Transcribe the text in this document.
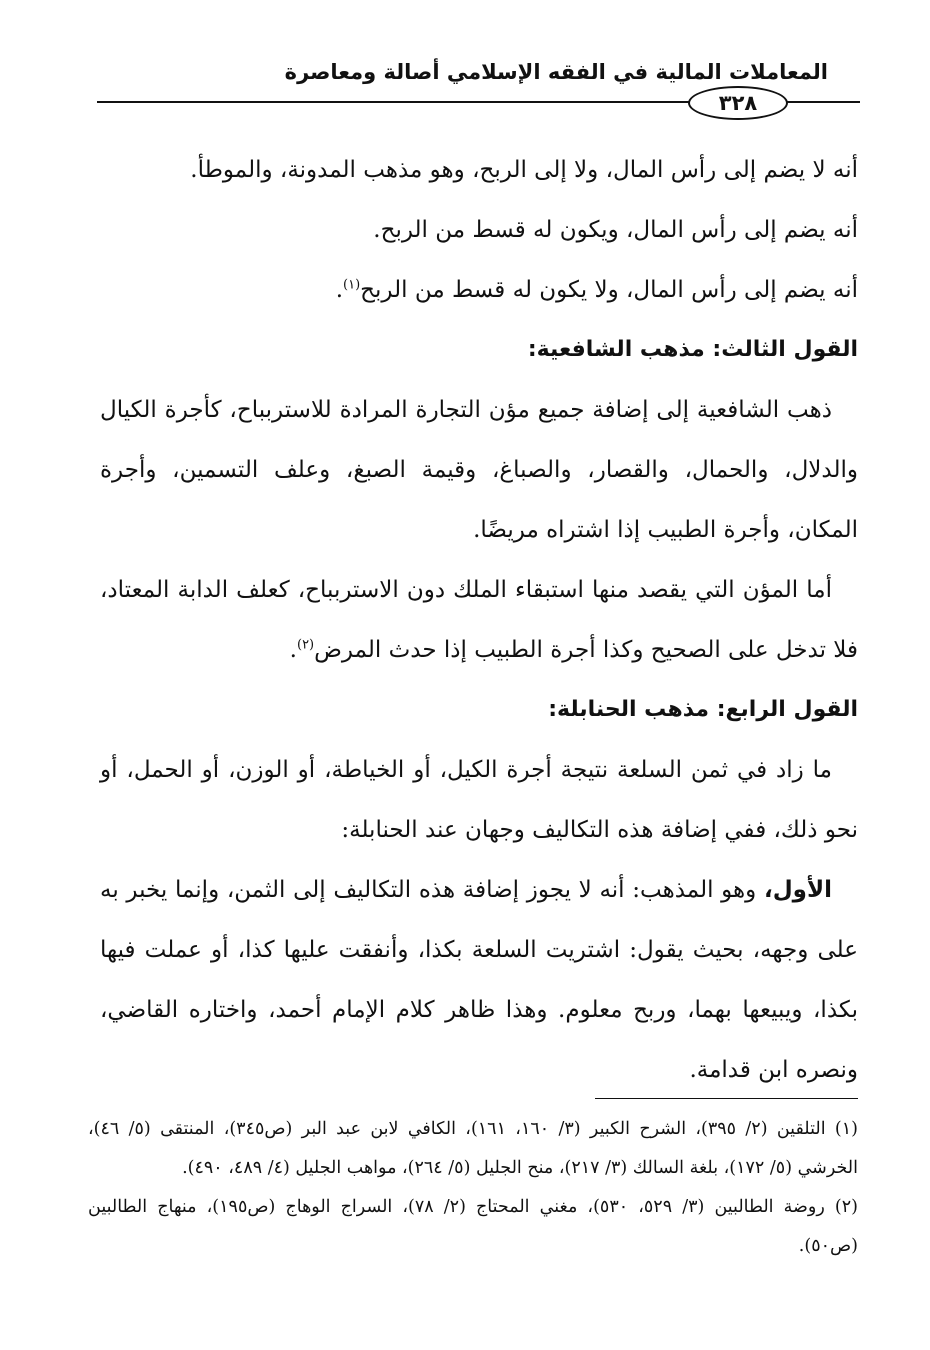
المعاملات المالية في الفقه الإسلامي أصالة ومعاصرة
٣٢٨

أنه لا يضم إلى رأس المال، ولا إلى الربح، وهو مذهب المدونة، والموطأ.

أنه يضم إلى رأس المال، ويكون له قسط من الربح.

أنه يضم إلى رأس المال، ولا يكون له قسط من الربح$^{(١)}$.

القول الثالث: مذهب الشافعية:

ذهب الشافعية إلى إضافة جميع مؤن التجارة المرادة للاستربباح، كأجرة الكيال والدلال، والحمال، والقصار، والصباغ، وقيمة الصبغ، وعلف التسمين، وأجرة المكان، وأجرة الطبيب إذا اشتراه مريضًا.

أما المؤن التي يقصد منها استبقاء الملك دون الاستربباح، كعلف الدابة المعتاد، فلا تدخل على الصحيح وكذا أجرة الطبيب إذا حدث المرض$^{(٢)}$.

القول الرابع: مذهب الحنابلة:

ما زاد في ثمن السلعة نتيجة أجرة الكيل، أو الخياطة، أو الوزن، أو الحمل، أو نحو ذلك، ففي إضافة هذه التكاليف وجهان عند الحنابلة:

الأول، وهو المذهب: أنه لا يجوز إضافة هذه التكاليف إلى الثمن، وإنما يخبر به على وجهه، بحيث يقول: اشتريت السلعة بكذا، وأنفقت عليها كذا، أو عملت فيها بكذا، ويبيعها بهما، وربح معلوم. وهذا ظاهر كلام الإمام أحمد، واختاره القاضي، ونصره ابن قدامة.

(١) التلقين (٢/ ٣٩٥)، الشرح الكبير (٣/ ١٦٠، ١٦١)، الكافي لابن عبد البر (ص٣٤٥)، المنتقى (٥/ ٤٦)، الخرشي (٥/ ١٧٢)، بلغة السالك (٣/ ٢١٧)، منح الجليل (٥/ ٢٦٤)، مواهب الجليل (٤/ ٤٨٩، ٤٩٠).

(٢) روضة الطالبين (٣/ ٥٢٩، ٥٣٠)، مغني المحتاج (٢/ ٧٨)، السراج الوهاج (ص١٩٥)، منهاج الطالبين (ص٥٠).
